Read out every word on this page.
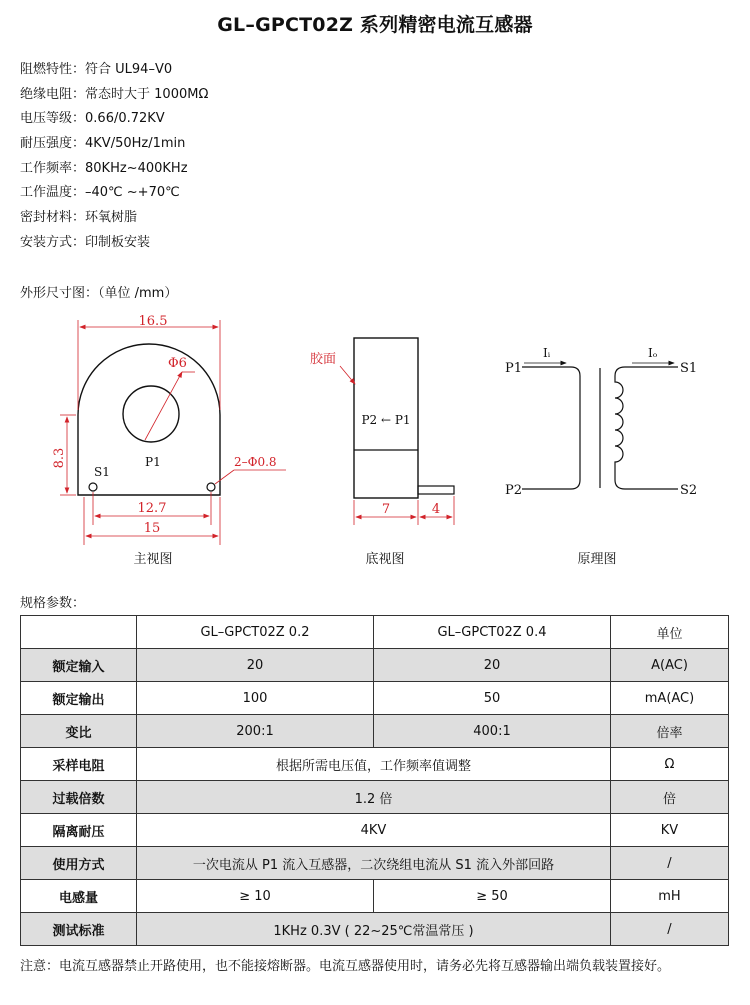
GL–GPCT02Z 系列精密电流互感器
阻燃特性：符合 UL94–V0
绝缘电阻：常态时大于 1000MΩ
电压等级：0.66/0.72KV
耐压强度：4KV/50Hz/1min
工作频率：80KHz~400KHz
工作温度：–40℃ ~+70℃
密封材料：环氧树脂
安装方式：印制板安装
外形尺寸图：（单位 /mm）
16.5
Φ6
8.3	P1
S1
2–Φ0.8
12.7
15
主视图
胶面
P2 ← P1
7	4
底视图
P1
P2
Iᵢ	Iₒ
S1
S2
原理图
规格参数：
	GL–GPCT02Z 0.2	GL–GPCT02Z 0.4	单位
额定输入	20	20	A(AC)
额定输出	100	50	mA(AC)
变比	200:1	400:1	倍率
采样电阻	根据所需电压值，工作频率值调整		Ω
过载倍数	1.2 倍		倍
隔离耐压	4KV		KV
使用方式	一次电流从 P1 流入互感器，二次绕组电流从 S1 流入外部回路		/
电感量	≥ 10	≥ 50	mH
测试标准	1KHz 0.3V ( 22~25℃常温常压 )		/
注意：电流互感器禁止开路使用，也不能接熔断器。电流互感器使用时，请务必先将互感器输出端负载装置接好。
